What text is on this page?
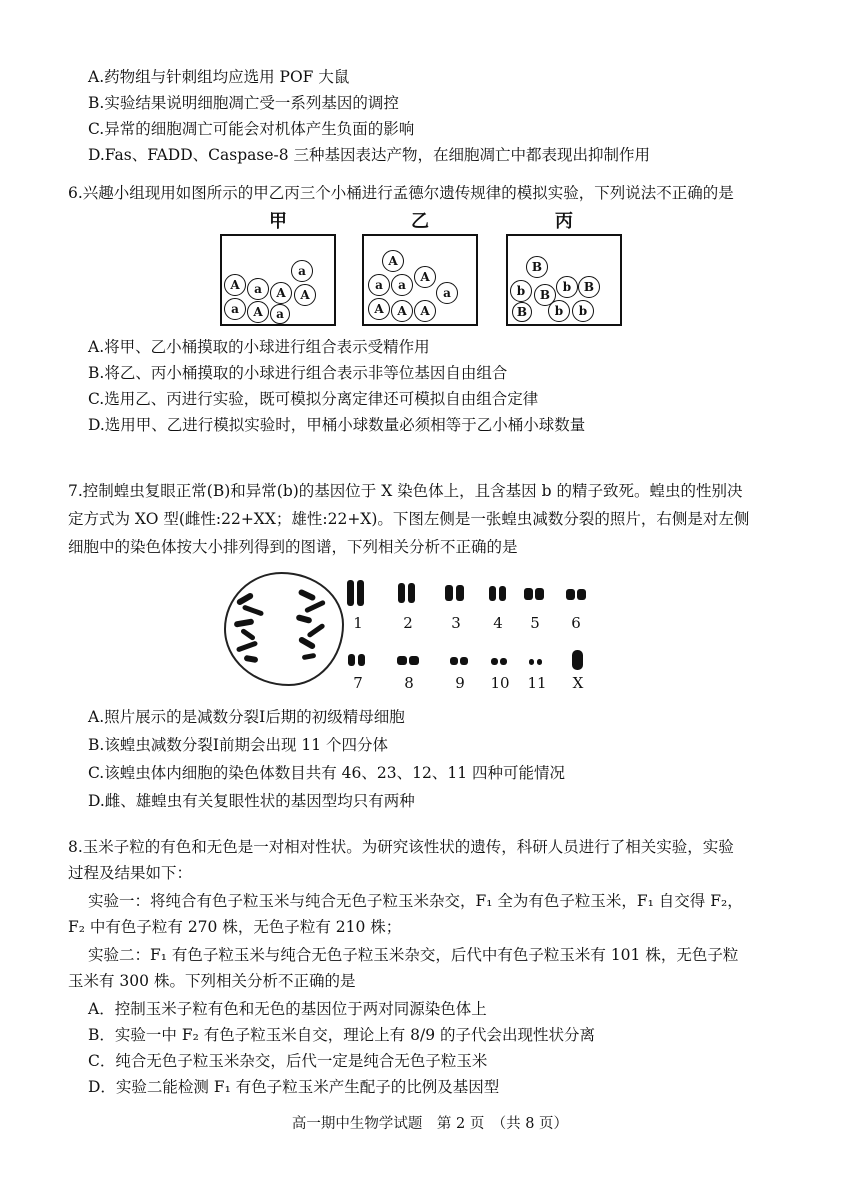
A.药物组与针刺组均应选用 POF 大鼠
B.实验结果说明细胞凋亡受一系列基因的调控
C.异常的细胞凋亡可能会对机体产生负面的影响
D.Fas、FADD、Caspase-8 三种基因表达产物，在细胞凋亡中都表现出抑制作用
6.兴趣小组现用如图所示的甲乙丙三个小桶进行孟德尔遗传规律的模拟实验，下列说法不正确的是
甲
A	a	A
a
A
a	A	a
乙
A
a	a
A
a
A	A	A
丙
B
b	B
b	B
B	b	b
A.将甲、乙小桶摸取的小球进行组合表示受精作用
B.将乙、丙小桶摸取的小球进行组合表示非等位基因自由组合
C.选用乙、丙进行实验，既可模拟分离定律还可模拟自由组合定律
D.选用甲、乙进行模拟实验时，甲桶小球数量必须相等于乙小桶小球数量
7.控制蝗虫复眼正常(B)和异常(b)的基因位于 X 染色体上，且含基因 b 的精子致死。蝗虫的性别决
定方式为 XO 型(雌性:22+XX；雄性:22+X)。下图左侧是一张蝗虫减数分裂的照片，右侧是对左侧
细胞中的染色体按大小排列得到的图谱，下列相关分析不正确的是
1	2	3	4	5	6
7	8	9	10	11	X
A.照片展示的是减数分裂I后期的初级精母细胞
B.该蝗虫减数分裂I前期会出现 11 个四分体
C.该蝗虫体内细胞的染色体数目共有 46、23、12、11 四种可能情况
D.雌、雄蝗虫有关复眼性状的基因型均只有两种
8.玉米子粒的有色和无色是一对相对性状。为研究该性状的遗传，科研人员进行了相关实验，实验
过程及结果如下：
实验一：将纯合有色子粒玉米与纯合无色子粒玉米杂交，F₁ 全为有色子粒玉米，F₁ 自交得 F₂，
F₂ 中有色子粒有 270 株，无色子粒有 210 株；
实验二：F₁ 有色子粒玉米与纯合无色子粒玉米杂交，后代中有色子粒玉米有 101 株，无色子粒
玉米有 300 株。下列相关分析不正确的是
A．控制玉米子粒有色和无色的基因位于两对同源染色体上
B．实验一中 F₂ 有色子粒玉米自交，理论上有 8/9 的子代会出现性状分离
C．纯合无色子粒玉米杂交，后代一定是纯合无色子粒玉米
D．实验二能检测 F₁ 有色子粒玉米产生配子的比例及基因型
高一期中生物学试题　第 2 页　（共 8 页）
